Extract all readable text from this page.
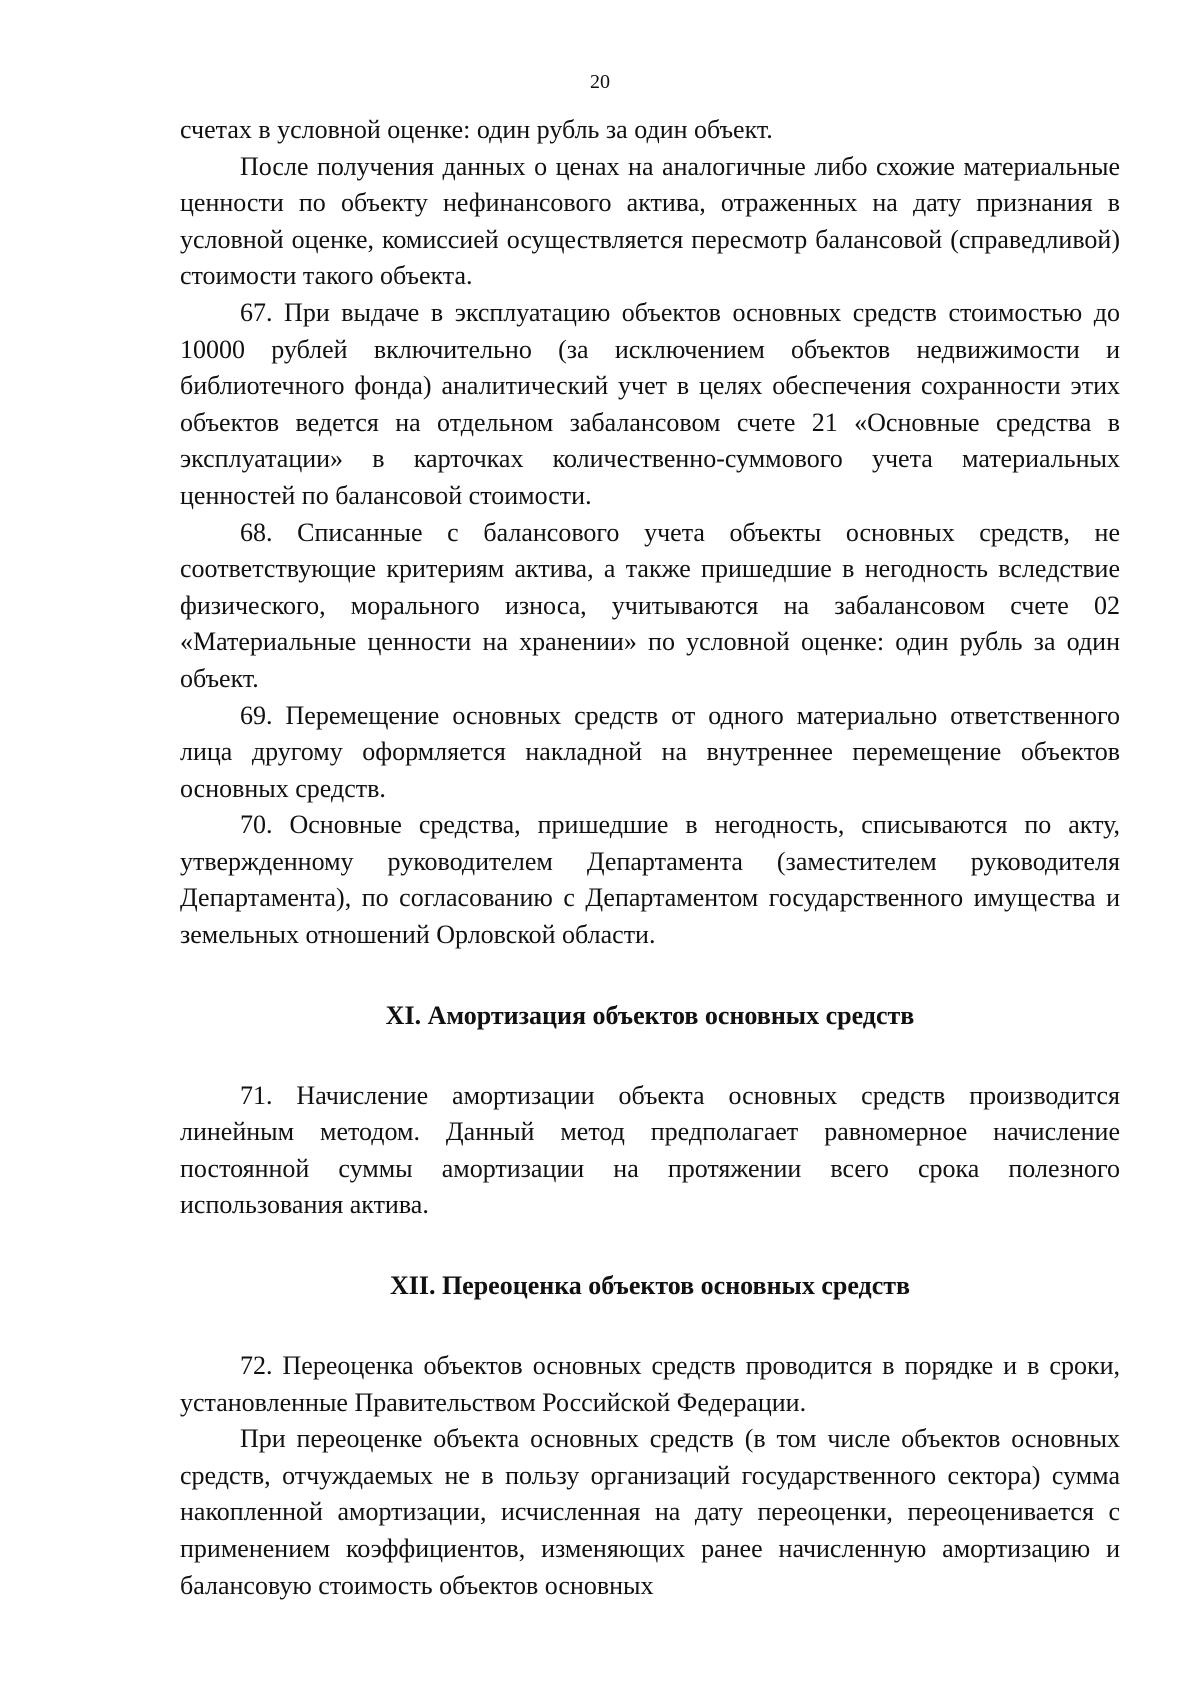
20

счетах в условной оценке: один рубль за один объект.

После получения данных о ценах на аналогичные либо схожие материальные ценности по объекту нефинансового актива, отраженных на дату признания в условной оценке, комиссией осуществляется пересмотр балансовой (справедливой) стоимости такого объекта.

67. При выдаче в эксплуатацию объектов основных средств стоимостью до 10000 рублей включительно (за исключением объектов недвижимости и библиотечного фонда) аналитический учет в целях обеспечения сохранности этих объектов ведется на отдельном забалансовом счете 21 «Основные средства в эксплуатации» в карточках количественно-суммового учета материальных ценностей по балансовой стоимости.

68. Списанные с балансового учета объекты основных средств, не соответствующие критериям актива, а также пришедшие в негодность вследствие физического, морального износа, учитываются на забалансовом счете 02 «Материальные ценности на хранении» по условной оценке: один рубль за один объект.

69. Перемещение основных средств от одного материально ответственного лица другому оформляется накладной на внутреннее перемещение объектов основных средств.

70. Основные средства, пришедшие в негодность, списываются по акту, утвержденному руководителем Департамента (заместителем руководителя Департамента), по согласованию с Департаментом государственного имущества и земельных отношений Орловской области.

XI. Амортизация объектов основных средств

71. Начисление амортизации объекта основных средств производится линейным методом. Данный метод предполагает равномерное начисление постоянной суммы амортизации на протяжении всего срока полезного использования актива.

XII. Переоценка объектов основных средств

72. Переоценка объектов основных средств проводится в порядке и в сроки, установленные Правительством Российской Федерации.

При переоценке объекта основных средств (в том числе объектов основных средств, отчуждаемых не в пользу организаций государственного сектора) сумма накопленной амортизации, исчисленная на дату переоценки, переоценивается с применением коэффициентов, изменяющих ранее начисленную амортизацию и балансовую стоимость объектов основных
